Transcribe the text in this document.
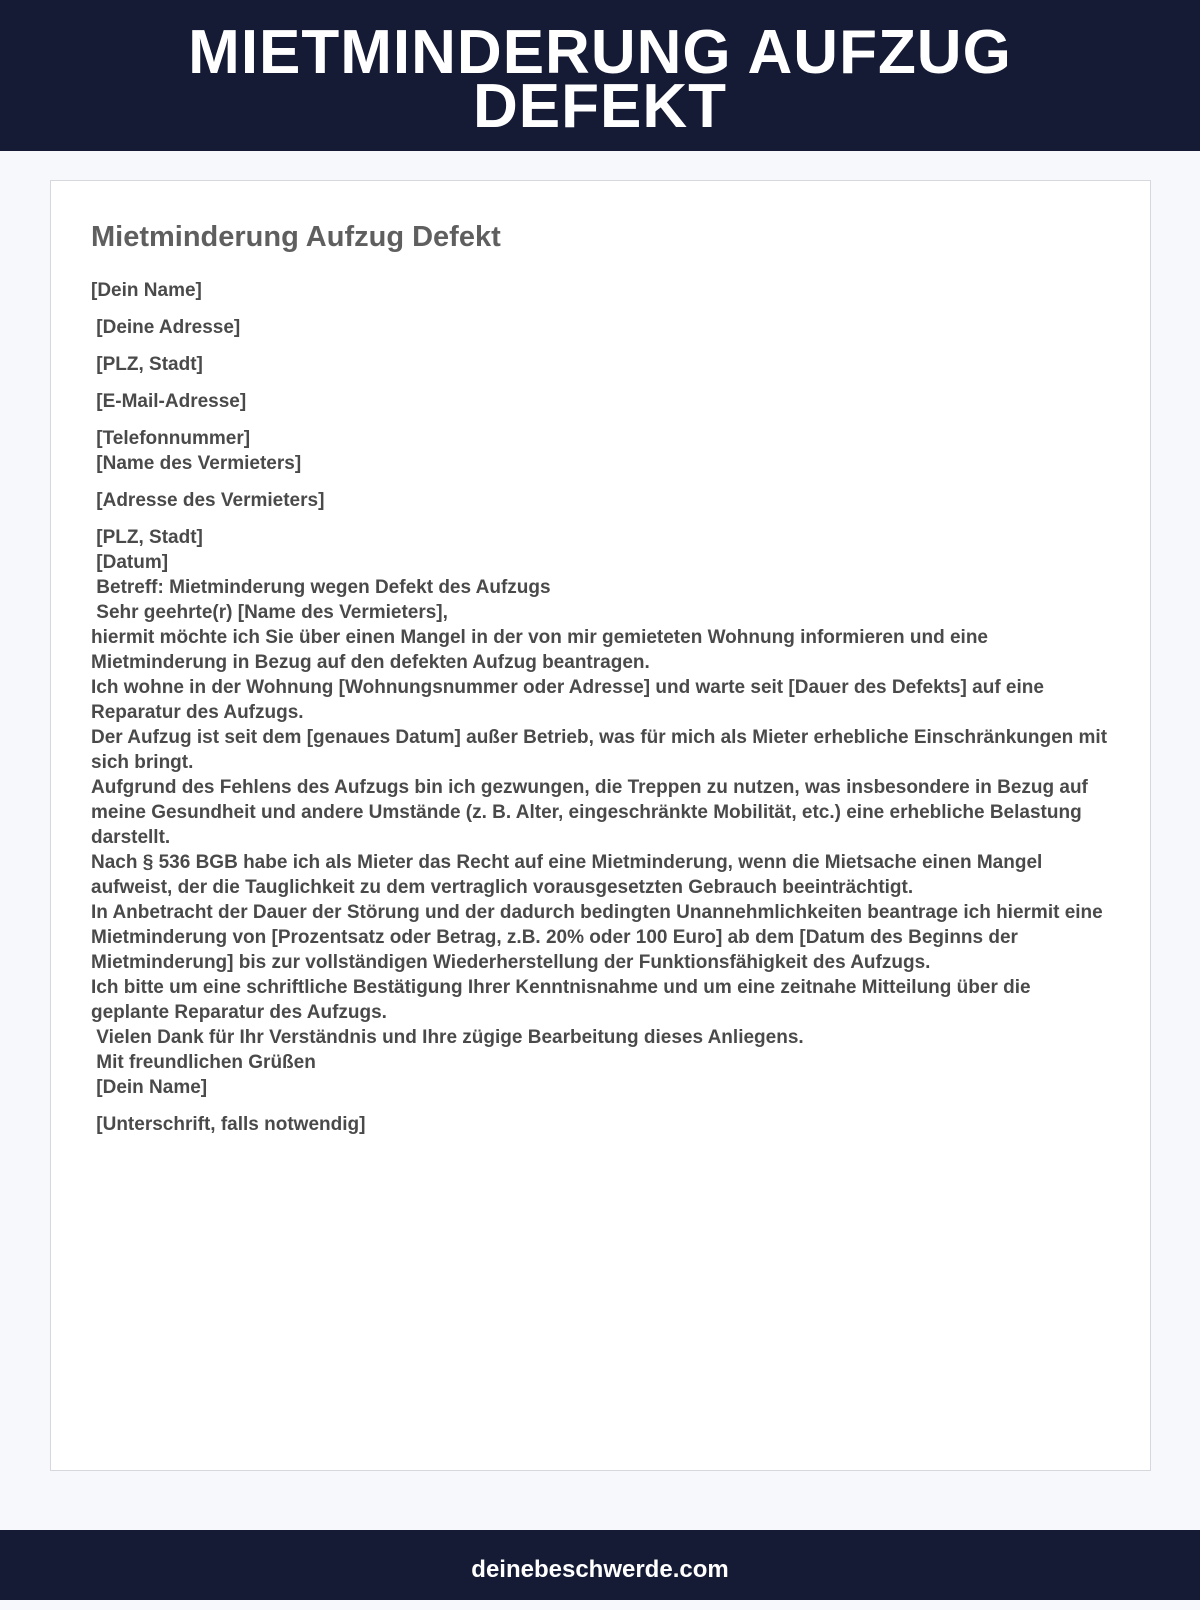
MIETMINDERUNG AUFZUG
DEFEKT
Mietminderung Aufzug Defekt
[Dein Name]
[Deine Adresse]
[PLZ, Stadt]
[E-Mail-Adresse]
[Telefonnummer]
[Name des Vermieters]
[Adresse des Vermieters]
[PLZ, Stadt]
[Datum]
Betreff: Mietminderung wegen Defekt des Aufzugs
Sehr geehrte(r) [Name des Vermieters],
hiermit möchte ich Sie über einen Mangel in der von mir gemieteten Wohnung informieren und eine Mietminderung in Bezug auf den defekten Aufzug beantragen.
Ich wohne in der Wohnung [Wohnungsnummer oder Adresse] und warte seit [Dauer des Defekts] auf eine Reparatur des Aufzugs.
Der Aufzug ist seit dem [genaues Datum] außer Betrieb, was für mich als Mieter erhebliche Einschränkungen mit sich bringt.
Aufgrund des Fehlens des Aufzugs bin ich gezwungen, die Treppen zu nutzen, was insbesondere in Bezug auf meine Gesundheit und andere Umstände (z. B. Alter, eingeschränkte Mobilität, etc.) eine erhebliche Belastung darstellt.
Nach § 536 BGB habe ich als Mieter das Recht auf eine Mietminderung, wenn die Mietsache einen Mangel aufweist, der die Tauglichkeit zu dem vertraglich vorausgesetzten Gebrauch beeinträchtigt.
In Anbetracht der Dauer der Störung und der dadurch bedingten Unannehmlichkeiten beantrage ich hiermit eine Mietminderung von [Prozentsatz oder Betrag, z.B. 20% oder 100 Euro] ab dem [Datum des Beginns der Mietminderung] bis zur vollständigen Wiederherstellung der Funktionsfähigkeit des Aufzugs.
Ich bitte um eine schriftliche Bestätigung Ihrer Kenntnisnahme und um eine zeitnahe Mitteilung über die geplante Reparatur des Aufzugs.
Vielen Dank für Ihr Verständnis und Ihre zügige Bearbeitung dieses Anliegens.
Mit freundlichen Grüßen
[Dein Name]
[Unterschrift, falls notwendig]
deinebeschwerde.com
